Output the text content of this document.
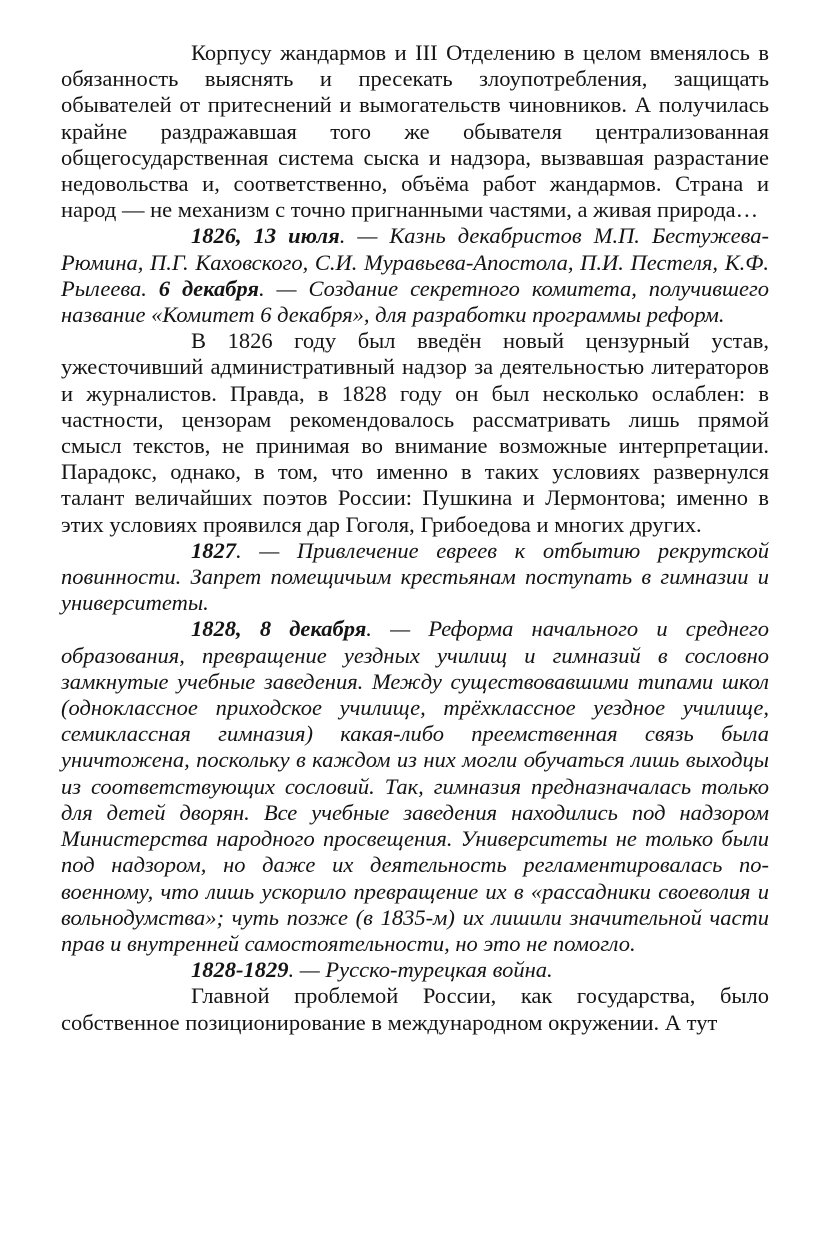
Корпусу жандармов и III Отделению в целом вменялось в обязанность выяснять и пресекать злоупотребления, защищать обывателей от притеснений и вымогательств чиновников. А получилась крайне раздражавшая того же обывателя централизованная общегосударственная система сыска и надзора, вызвавшая разрастание недовольства и, соответственно, объёма работ жандармов. Страна и народ — не механизм с точно пригнанными частями, а живая природа…

1826, 13 июля. — Казнь декабристов М.П. Бестужева-Рюмина, П.Г. Каховского, С.И. Муравьева-Апостола, П.И. Пестеля, К.Ф. Рылеева. 6 декабря. — Создание секретного комитета, получившего название «Комитет 6 декабря», для разработки программы реформ.

В 1826 году был введён новый цензурный устав, ужесточивший административный надзор за деятельностью литераторов и журналистов. Правда, в 1828 году он был несколько ослаблен: в частности, цензорам рекомендовалось рассматривать лишь прямой смысл текстов, не принимая во внимание возможные интерпретации. Парадокс, однако, в том, что именно в таких условиях развернулся талант величайших поэтов России: Пушкина и Лермонтова; именно в этих условиях проявился дар Гоголя, Грибоедова и многих других.

1827. — Привлечение евреев к отбытию рекрутской повинности. Запрет помещичьим крестьянам поступать в гимназии и университеты.

1828, 8 декабря. — Реформа начального и среднего образования, превращение уездных училищ и гимназий в сословно замкнутые учебные заведения. Между существовавшими типами школ (одноклассное приходское училище, трёхклассное уездное училище, семиклассная гимназия) какая-либо преемственная связь была уничтожена, поскольку в каждом из них могли обучаться лишь выходцы из соответствующих сословий. Так, гимназия предназначалась только для детей дворян. Все учебные заведения находились под надзором Министерства народного просвещения. Университеты не только были под надзором, но даже их деятельность регламентировалась по-военному, что лишь ускорило превращение их в «рассадники своеволия и вольнодумства»; чуть позже (в 1835-м) их лишили значительной части прав и внутренней самостоятельности, но это не помогло.

1828-1829. — Русско-турецкая война.

Главной проблемой России, как государства, было собственное позиционирование в международном окружении. А тут
